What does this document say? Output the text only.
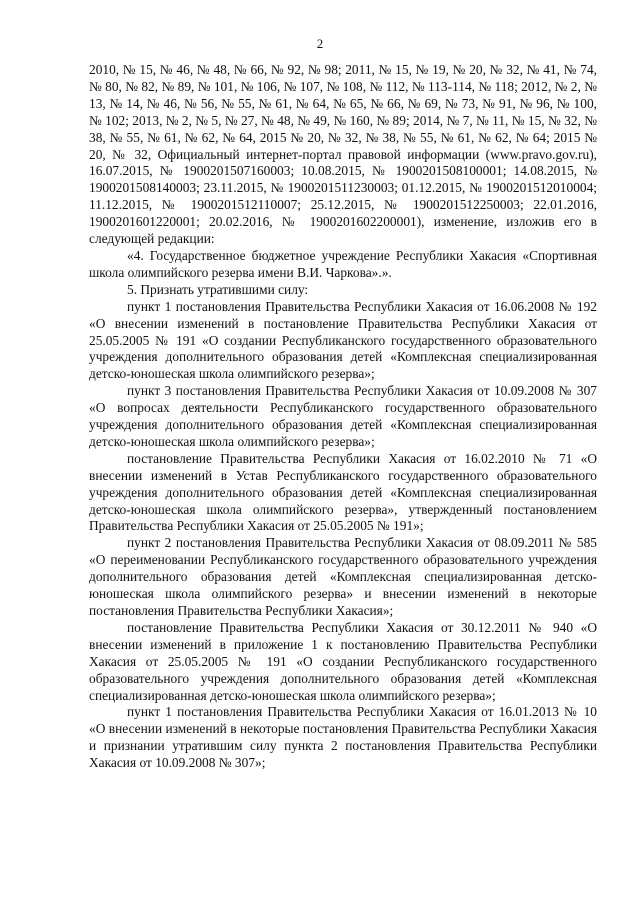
2

2010, № 15, № 46, № 48, № 66, № 92, № 98; 2011, № 15, № 19, № 20, № 32, № 41, № 74, № 80, № 82, № 89, № 101, № 106, № 107, № 108, № 112, № 113-114, № 118; 2012, № 2, № 13, № 14, № 46, № 56, № 55, № 61, № 64, № 65, № 66, № 69, № 73, № 91, № 96, № 100, № 102; 2013, № 2, № 5, № 27, № 48, № 49, № 160, № 89; 2014, № 7, № 11, № 15, № 32, № 38, № 55, № 61, № 62, № 64, 2015 № 20, № 32, № 38, № 55, № 61, № 62, № 64; 2015 № 20, № 32, Официальный интернет-портал правовой информации (www.pravo.gov.ru), 16.07.2015, № 1900201507160003; 10.08.2015, № 1900201508100001; 14.08.2015, № 1900201508140003; 23.11.2015, № 1900201511230003; 01.12.2015, № 1900201512010004; 11.12.2015, № 1900201512110007; 25.12.2015, № 1900201512250003; 22.01.2016, 1900201601220001; 20.02.2016, № 1900201602200001), изменение, изложив его в следующей редакции:

«4. Государственное бюджетное учреждение Республики Хакасия «Спортивная школа олимпийского резерва имени В.И. Чаркова».».

5. Признать утратившими силу:

пункт 1 постановления Правительства Республики Хакасия от 16.06.2008 № 192 «О внесении изменений в постановление Правительства Республики Хакасия от 25.05.2005 № 191 «О создании Республиканского государственного образовательного учреждения дополнительного образования детей «Комплексная специализированная детско-юношеская школа олимпийского резерва»;

пункт 3 постановления Правительства Республики Хакасия от 10.09.2008 № 307 «О вопросах деятельности Республиканского государственного образовательного учреждения дополнительного образования детей «Комплексная специализированная детско-юношеская школа олимпийского резерва»;

постановление Правительства Республики Хакасия от 16.02.2010 № 71 «О внесении изменений в Устав Республиканского государственного образовательного учреждения дополнительного образования детей «Комплексная специализированная детско-юношеская школа олимпийского резерва», утвержденный постановлением Правительства Республики Хакасия от 25.05.2005 № 191»;

пункт 2 постановления Правительства Республики Хакасия от 08.09.2011 № 585 «О переименовании Республиканского государственного образовательного учреждения дополнительного образования детей «Комплексная специализированная детско-юношеская школа олимпийского резерва» и внесении изменений в некоторые постановления Правительства Республики Хакасия»;

постановление Правительства Республики Хакасия от 30.12.2011 № 940 «О внесении изменений в приложение 1 к постановлению Правительства Республики Хакасия от 25.05.2005 № 191 «О создании Республиканского государственного образовательного учреждения дополнительного образования детей «Комплексная специализированная детско-юношеская школа олимпийского резерва»;

пункт 1 постановления Правительства Республики Хакасия от 16.01.2013 № 10 «О внесении изменений в некоторые постановления Правительства Республики Хакасия и признании утратившим силу пункта 2 постановления Правительства Республики Хакасия от 10.09.2008 № 307»;
